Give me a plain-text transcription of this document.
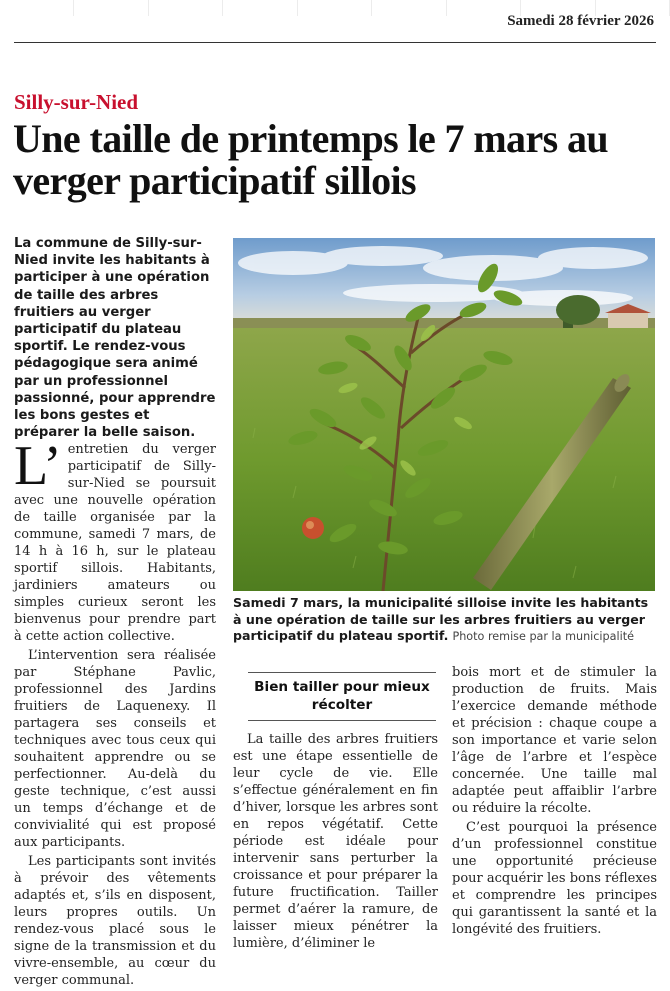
Samedi 28 février 2026

Silly-sur-Nied
Une taille de printemps le 7 mars au verger participatif sillois

La commune de Silly-sur-Nied invite les habitants à participer à une opération de taille des arbres fruitiers au verger participatif du plateau sportif. Le rendez-vous pédagogique sera animé par un professionnel passionné, pour apprendre les bons gestes et préparer la belle saison.

L’ entretien du verger participatif de Silly-sur-Nied se poursuit avec une nouvelle opération de taille organisée par la commune, samedi 7 mars, de 14 h à 16 h, sur le plateau sportif sillois. Habitants, jardiniers amateurs ou simples curieux seront les bienvenus pour prendre part à cette action collective.

L’intervention sera réalisée par Stéphane Pavlic, professionnel des Jardins fruitiers de Laquenexy. Il partagera ses conseils et techniques avec tous ceux qui souhaitent apprendre ou se perfectionner. Au-delà du geste technique, c’est aussi un temps d’échange et de convivialité qui est proposé aux participants.

Les participants sont invités à prévoir des vêtements adaptés et, s’ils en disposent, leurs propres outils. Un rendez-vous placé sous le signe de la transmission et du vivre-ensemble, au cœur du verger communal.

Samedi 7 mars, la municipalité silloise invite les habitants à une opération de taille sur les arbres fruitiers au verger participatif du plateau sportif. Photo remise par la municipalité

Bien tailler pour mieux récolter

La taille des arbres fruitiers est une étape essentielle de leur cycle de vie. Elle s’effectue généralement en fin d’hiver, lorsque les arbres sont en repos végétatif. Cette période est idéale pour intervenir sans perturber la croissance et pour préparer la future fructification. Tailler permet d’aérer la ramure, de laisser mieux pénétrer la lumière, d’éliminer le

bois mort et de stimuler la production de fruits. Mais l’exercice demande méthode et précision : chaque coupe a son importance et varie selon l’âge de l’arbre et l’espèce concernée. Une taille mal adaptée peut affaiblir l’arbre ou réduire la récolte.

C’est pourquoi la présence d’un professionnel constitue une opportunité précieuse pour acquérir les bons réflexes et comprendre les principes qui garantissent la santé et la longévité des fruitiers.
